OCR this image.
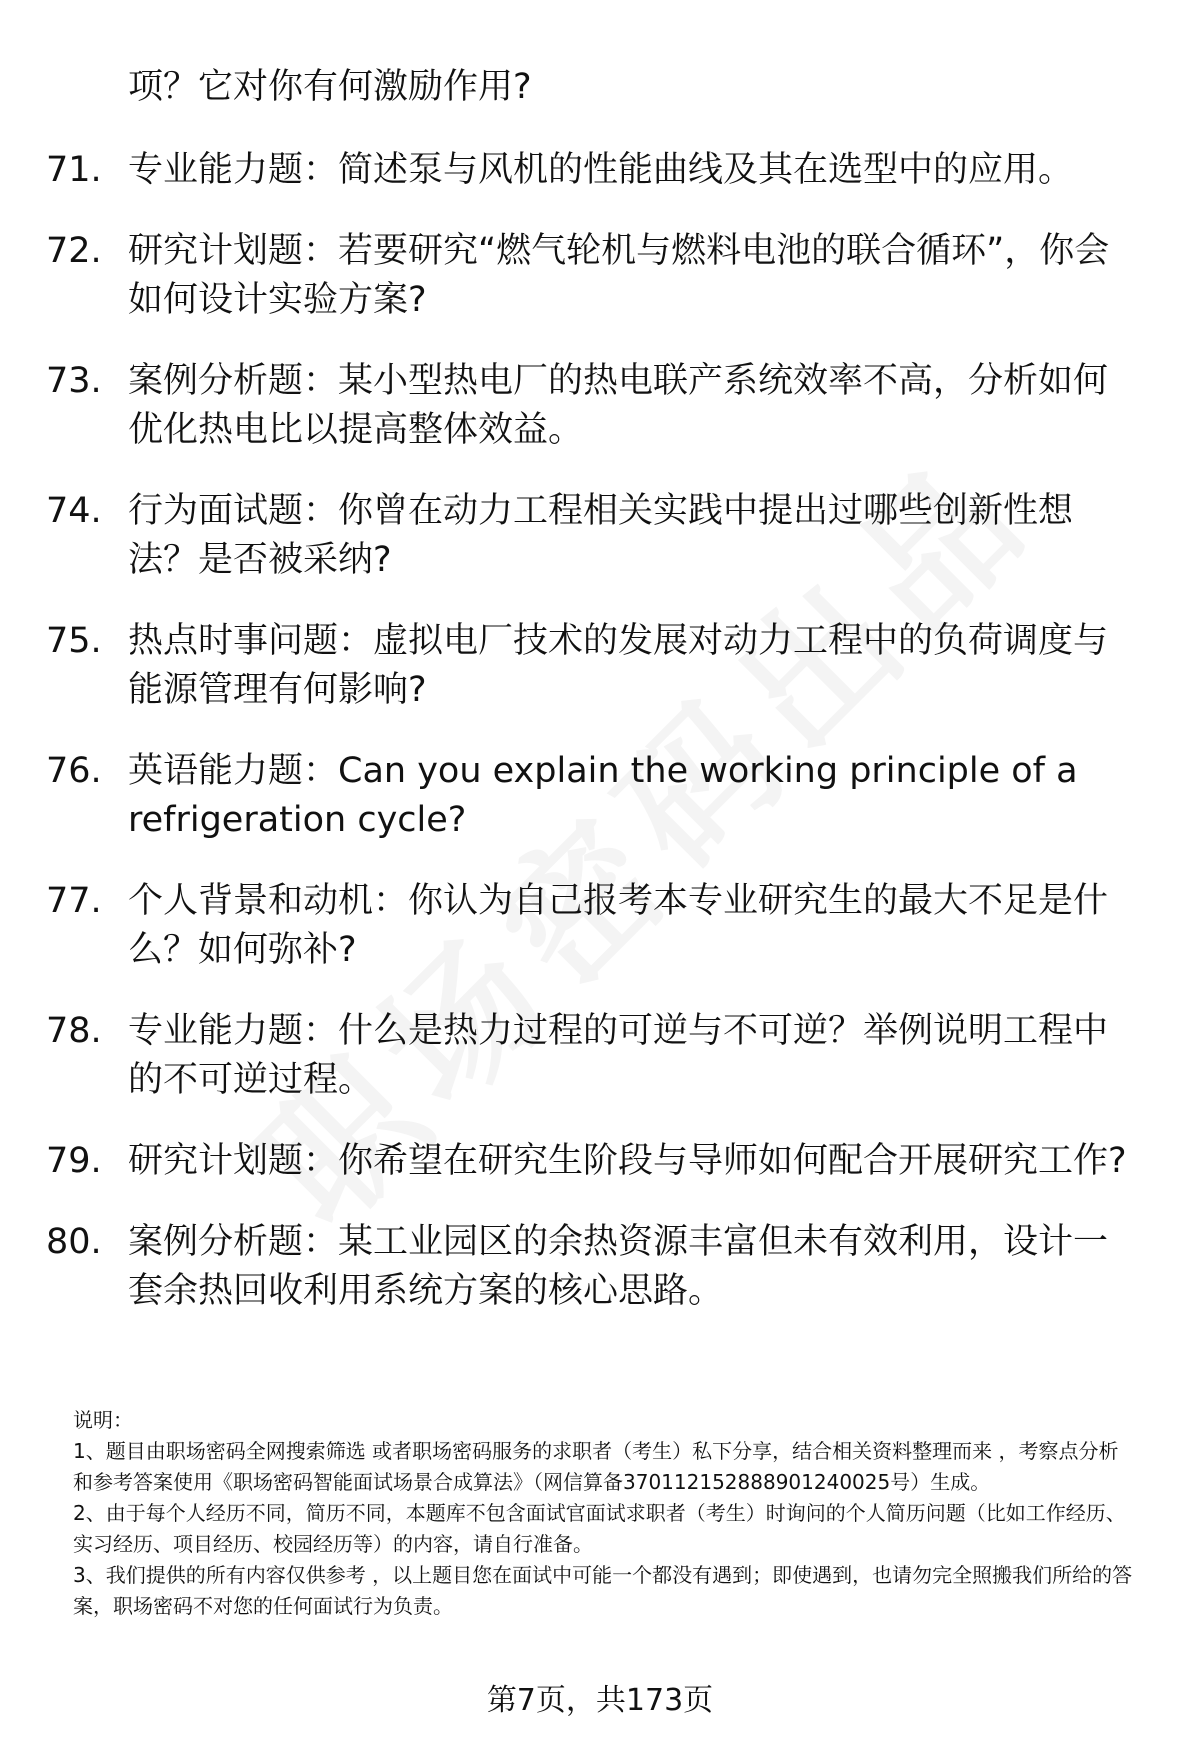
项？它对你有何激励作用?
71. 专业能力题：简述泵与风机的性能曲线及其在选型中的应用。
72. 研究计划题：若要研究“燃气轮机与燃料电池的联合循环”，你会如何设计实验方案?
73. 案例分析题：某小型热电厂的热电联产系统效率不高，分析如何优化热电比以提高整体效益。
74. 行为面试题：你曾在动力工程相关实践中提出过哪些创新性想法？是否被采纳?
75. 热点时事问题：虚拟电厂技术的发展对动力工程中的负荷调度与能源管理有何影响?
76. 英语能力题：Can you explain the working principle of a refrigeration cycle?
77. 个人背景和动机：你认为自己报考本专业研究生的最大不足是什么？如何弥补?
78. 专业能力题：什么是热力过程的可逆与不可逆？举例说明工程中的不可逆过程。
79. 研究计划题：你希望在研究生阶段与导师如何配合开展研究工作?
80. 案例分析题：某工业园区的余热资源丰富但未有效利用，设计一套余热回收利用系统方案的核心思路。

说明：

1、题目由职场密码全网搜索筛选 或者职场密码服务的求职者（考生）私下分享，结合相关资料整理而来 ，考察点分析和参考答案使用《职场密码智能面试场景合成算法》（网信算备370112152888901240025号）生成。

2、由于每个人经历不同，简历不同，本题库不包含面试官面试求职者（考生）时询问的个人简历问题（比如工作经历、实习经历、项目经历、校园经历等）的内容，请自行准备。

3、我们提供的所有内容仅供参考 ，以上题目您在面试中可能一个都没有遇到；即使遇到，也请勿完全照搬我们所给的答案，职场密码不对您的任何面试行为负责。

第7页，共173页
